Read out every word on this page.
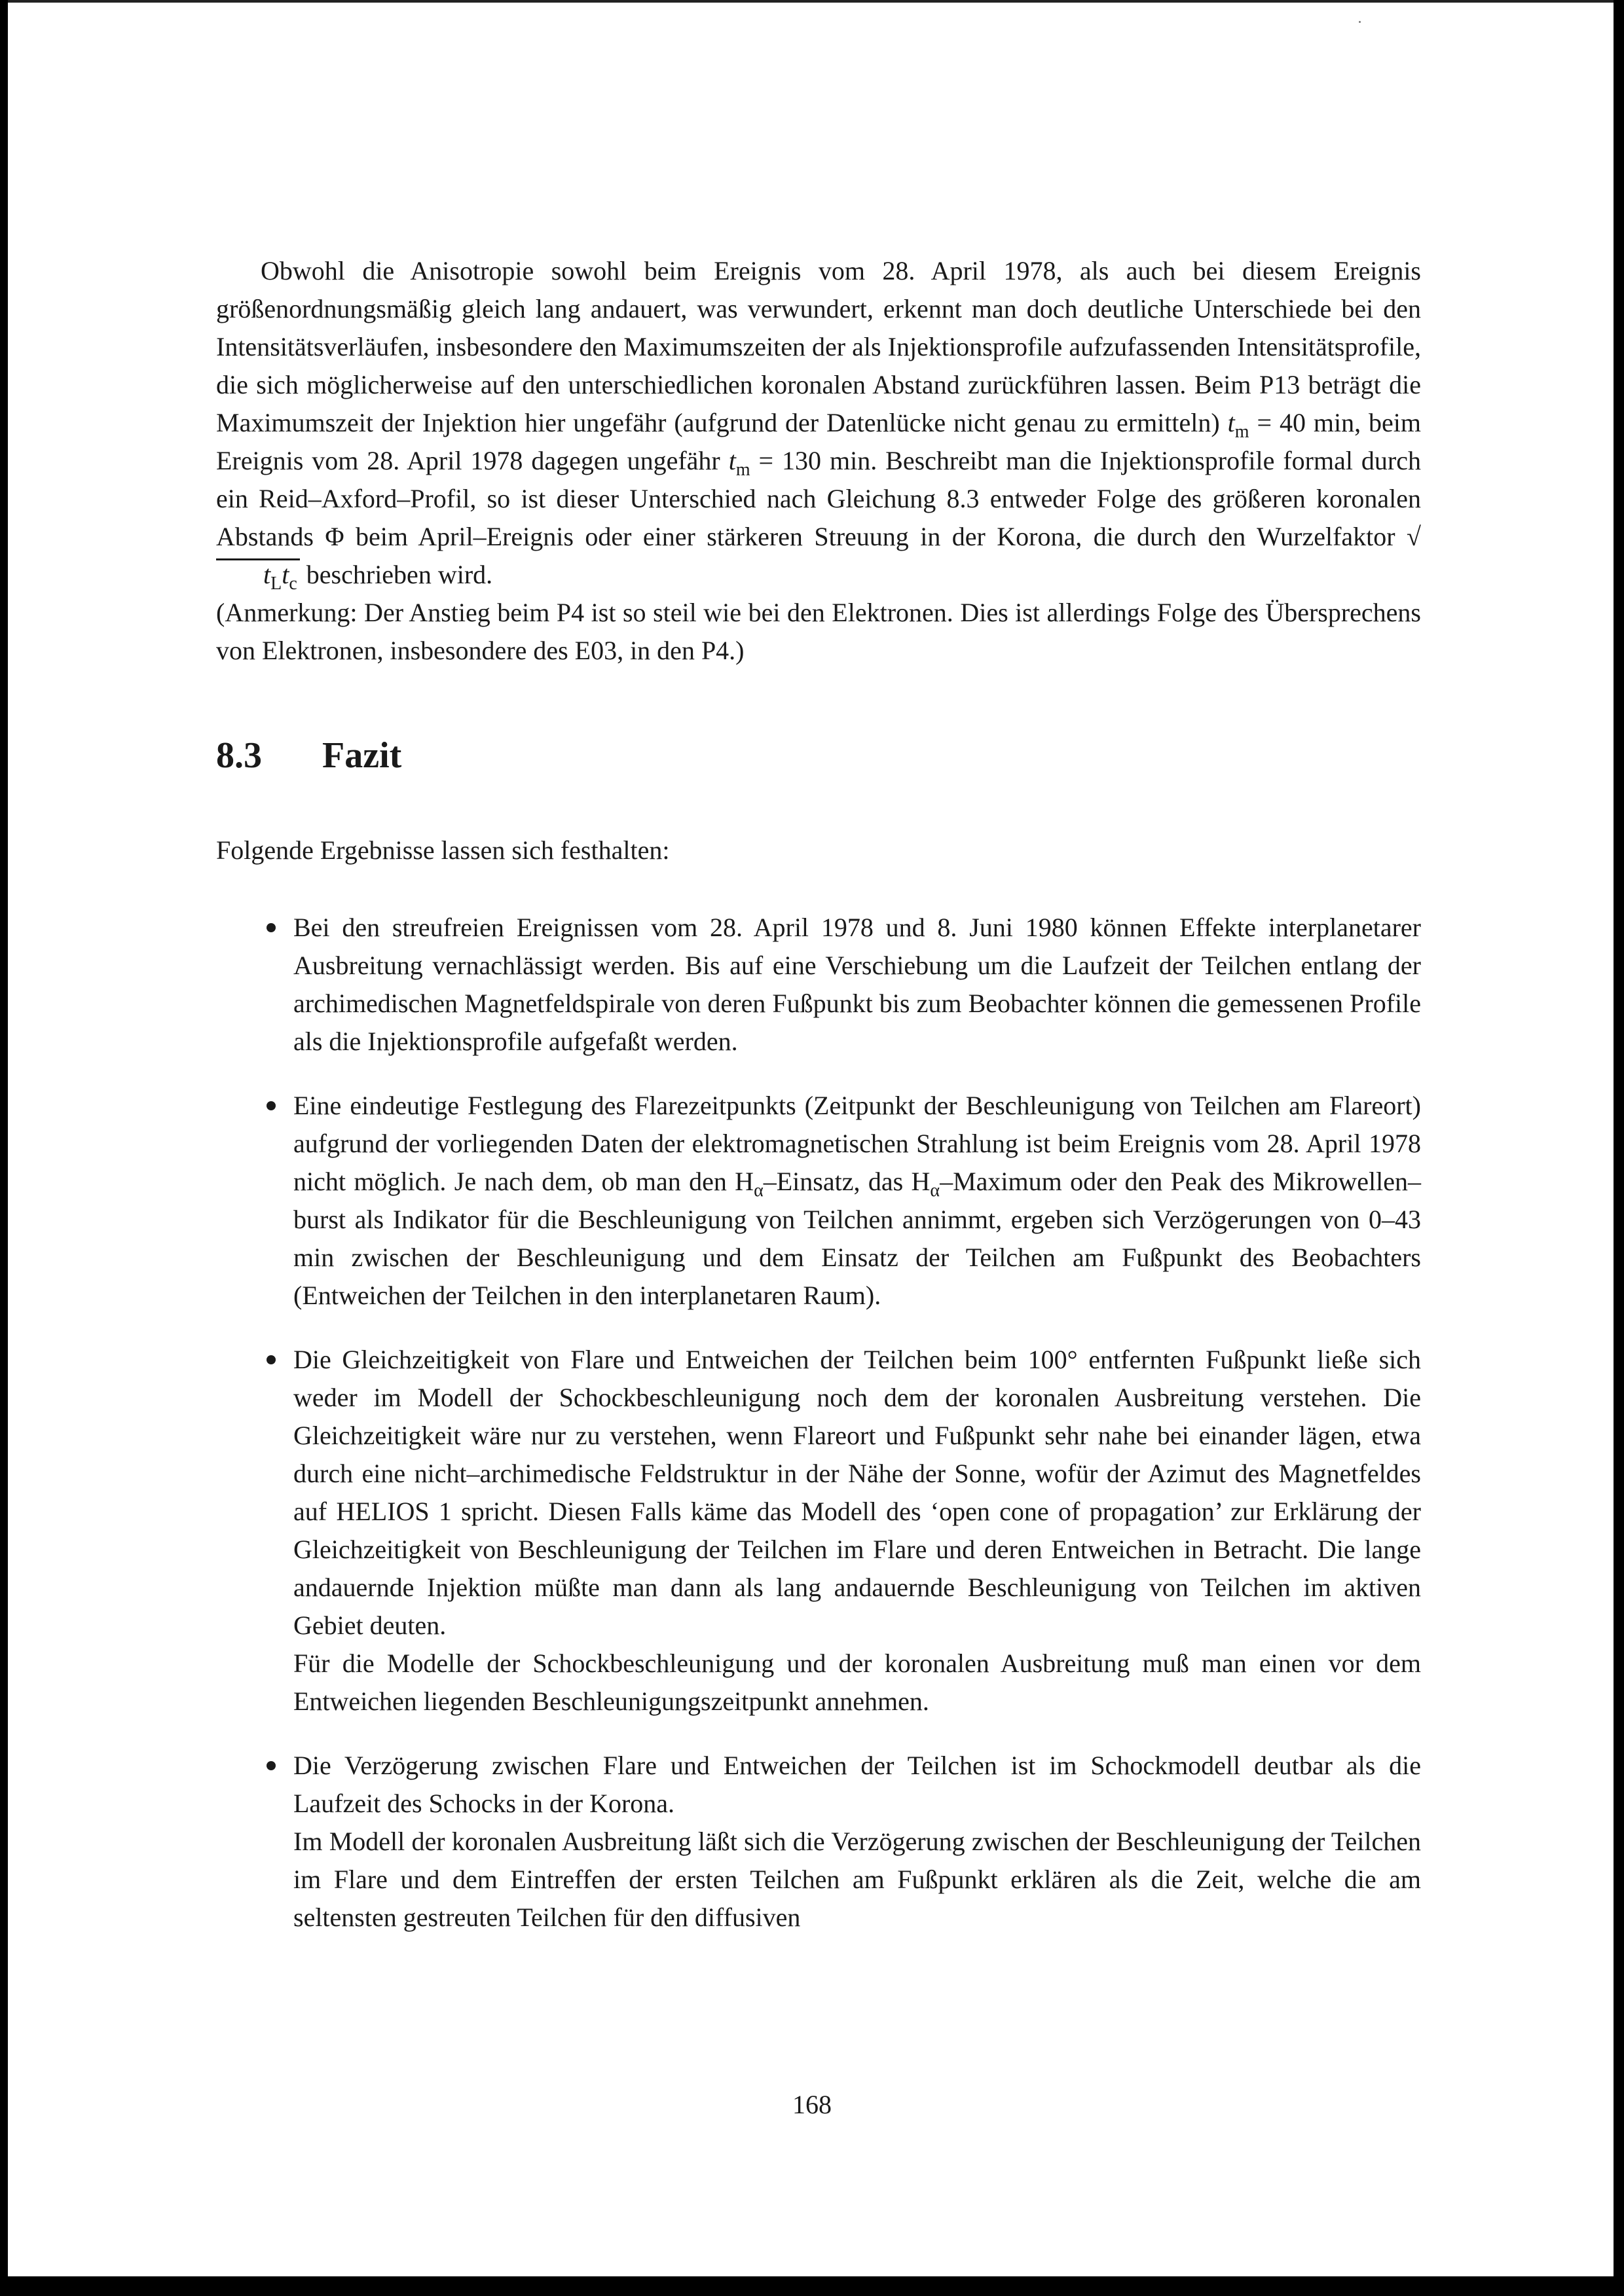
Obwohl die Anisotropie sowohl beim Ereignis vom 28. April 1978, als auch bei diesem Ereignis größenordnungsmäßig gleich lang andauert, was verwundert, erkennt man doch deutliche Unterschiede bei den Intensitätsverläufen, insbesondere den Maximumszeiten der als Injektionsprofile aufzufassenden Intensitätsprofile, die sich möglicherweise auf den unterschiedlichen koronalen Abstand zurückführen lassen. Beim P13 beträgt die Maximumszeit der Injektion hier ungefähr (aufgrund der Datenlücke nicht genau zu ermitteln) $t_m = 40$ min, beim Ereignis vom 28. April 1978 dagegen ungefähr $t_m = 130$ min. Beschreibt man die Injektionsprofile formal durch ein Reid–Axford–Profil, so ist dieser Unterschied nach Gleichung 8.3 entweder Folge des größeren koronalen Abstands Φ beim April–Ereignis oder einer stärkeren Streuung in der Korona, die durch den Wurzelfaktor $√t_Lt_c$ beschrieben wird.

(Anmerkung: Der Anstieg beim P4 ist so steil wie bei den Elektronen. Dies ist allerdings Folge des Übersprechens von Elektronen, insbesondere des E03, in den P4.)

8.3	Fazit

Folgende Ergebnisse lassen sich festhalten:

Bei den streufreien Ereignissen vom 28. April 1978 und 8. Juni 1980 können Effekte interplanetarer Ausbreitung vernachlässigt werden. Bis auf eine Verschiebung um die Laufzeit der Teilchen entlang der archimedischen Magnetfeldspirale von deren Fußpunkt bis zum Beobachter können die gemessenen Profile als die Injektionsprofile aufgefaßt werden.

Eine eindeutige Festlegung des Flarezeitpunkts (Zeitpunkt der Beschleunigung von Teilchen am Flareort) aufgrund der vorliegenden Daten der elektromagnetischen Strahlung ist beim Ereignis vom 28. April 1978 nicht möglich. Je nach dem, ob man den $H_\alpha$–Einsatz, das $H_\alpha$–Maximum oder den Peak des Mikrowellen–burst als Indikator für die Beschleunigung von Teilchen annimmt, ergeben sich Verzögerungen von 0–43 min zwischen der Beschleunigung und dem Einsatz der Teilchen am Fußpunkt des Beobachters (Entweichen der Teilchen in den interplanetaren Raum).

Die Gleichzeitigkeit von Flare und Entweichen der Teilchen beim 100° entfernten Fußpunkt ließe sich weder im Modell der Schockbeschleunigung noch dem der koronalen Ausbreitung verstehen. Die Gleichzeitigkeit wäre nur zu verstehen, wenn Flareort und Fußpunkt sehr nahe bei einander lägen, etwa durch eine nicht–archimedische Feldstruktur in der Nähe der Sonne, wofür der Azimut des Magnetfeldes auf HELIOS 1 spricht. Diesen Falls käme das Modell des ‘open cone of propagation’ zur Erklärung der Gleichzeitigkeit von Beschleunigung der Teilchen im Flare und deren Entweichen in Betracht. Die lange andauernde Injektion müßte man dann als lang andauernde Beschleunigung von Teilchen im aktiven Gebiet deuten.

Für die Modelle der Schockbeschleunigung und der koronalen Ausbreitung muß man einen vor dem Entweichen liegenden Beschleunigungszeitpunkt annehmen.

Die Verzögerung zwischen Flare und Entweichen der Teilchen ist im Schockmodell deutbar als die Laufzeit des Schocks in der Korona.

Im Modell der koronalen Ausbreitung läßt sich die Verzögerung zwischen der Beschleunigung der Teilchen im Flare und dem Eintreffen der ersten Teilchen am Fußpunkt erklären als die Zeit, welche die am seltensten gestreuten Teilchen für den diffusiven

168
